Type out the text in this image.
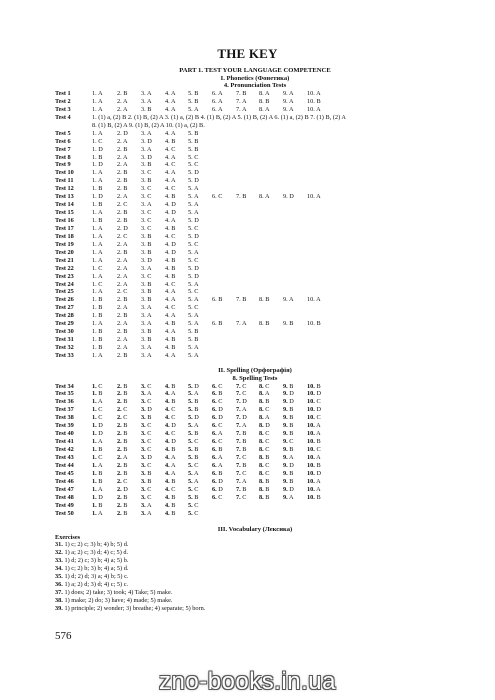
THE KEY
PART 1. TEST YOUR LANGUAGE COMPETENCE
I. Phonetics (Фонетика)
4. Pronunciation Tests
Test 1	1. A 2. B 3. A 4. A 5. B 6. A 7. B 8. A 9. A 10. A
Test 2	1. A 2. A 3. A 4. A 5. B 6. A 7. A 8. B 9. A 10. B
Test 3	1. A 2. A 3. B 4. A 5. A 6. A 7. A 8. A 9. A 10. A
Test 4	1. (1) a, (2) B 2. (1) B, (2) A 3. (1) a, (2) B 4. (1) B, (2) A 5. (1) B, (2) A 6. (1) a, (2) B 7. (1) B, (2) A
8. (1) B, (2) A 9. (1) B, (2) A 10. (1) a, (2) B.
Test 5	1. A 2. D 3. A 4. A 5. B
Test 6	1. C 2. A 3. D 4. B 5. B
Test 7	1. D 2. B 3. A 4. C 5. B
Test 8	1. B 2. A 3. D 4. A 5. C
Test 9	1. D 2. A 3. B 4. C 5. C
Test 10	1. A 2. B 3. C 4. A 5. D
Test 11	1. A 2. B 3. B 4. A 5. D
Test 12	1. B 2. B 3. C 4. C 5. A
Test 13	1. D 2. A 3. C 4. B 5. A 6. C 7. B 8. A 9. D 10. A
Test 14	1. B 2. C 3. A 4. D 5. A
Test 15	1. A 2. B 3. C 4. D 5. A
Test 16	1. B 2. B 3. C 4. A 5. D
Test 17	1. A 2. D 3. C 4. B 5. C
Test 18	1. A 2. C 3. B 4. C 5. D
Test 19	1. A 2. A 3. B 4. D 5. C
Test 20	1. A 2. B 3. B 4. D 5. A
Test 21	1. A 2. A 3. D 4. B 5. C
Test 22	1. C 2. A 3. A 4. B 5. D
Test 23	1. A 2. A 3. C 4. B 5. D
Test 24	1. C 2. A 3. B 4. C 5. A
Test 25	1. A 2. C 3. B 4. A 5. C
Test 26	1. B 2. B 3. B 4. A 5. A 6. B 7. B 8. B 9. A 10. A
Test 27	1. B 2. A 3. A 4. C 5. C
Test 28	1. B 2. B 3. A 4. A 5. A
Test 29	1. A 2. A 3. A 4. B 5. A 6. B 7. A 8. B 9. B 10. B
Test 30	1. B 2. B 3. B 4. A 5. B
Test 31	1. B 2. A 3. B 4. B 5. B
Test 32	1. B 2. A 3. A 4. B 5. A
Test 33	1. A 2. B 3. A 4. A 5. A
II. Spelling (Орфографія)
8. Spelling Tests
Test 34	1. C 2. B 3. C 4. B 5. D 6. C 7. C 8. C 9. B 10. B
Test 35	1. B 2. B 3. A 4. A 5. A 6. B 7. C 8. A 9. D 10. D
Test 36	1. A 2. B 3. C 4. B 5. B 6. C 7. D 8. B 9. D 10. C
Test 37	1. C 2. C 3. D 4. C 5. B 6. D 7. A 8. C 9. B 10. D
Test 38	1. C 2. C 3. B 4. C 5. D 6. D 7. D 8. A 9. B 10. C
Test 39	1. D 2. B 3. C 4. D 5. A 6. C 7. A 8. D 9. B 10. A
Test 40	1. D 2. B 3. C 4. C 5. B 6. A 7. B 8. C 9. B 10. A
Test 41	1. A 2. B 3. C 4. D 5. C 6. C 7. B 8. C 9. C 10. B
Test 42	1. B 2. B 3. C 4. B 5. B 6. B 7. B 8. C 9. B 10. C
Test 43	1. C 2. A 3. D 4. A 5. B 6. A 7. C 8. B 9. A 10. A
Test 44	1. A 2. B 3. C 4. A 5. C 6. A 7. B 8. C 9. D 10. B
Test 45	1. B 2. B 3. B 4. A 5. A 6. B 7. C 8. C 9. B 10. D
Test 46	1. B 2. C 3. B 4. B 5. A 6. D 7. A 8. B 9. B 10. A
Test 47	1. A 2. D 3. C 4. C 5. C 6. D 7. B 8. B 9. D 10. A
Test 48	1. D 2. B 3. C 4. B 5. B 6. C 7. C 8. B 9. A 10. B
Test 49	1. B 2. B 3. A 4. B 5. C
Test 50	1. A 2. B 3. A 4. B 5. C
III. Vocabulary (Лексика)
Exercises
31. 1) c; 2) c; 3) b; 4) b; 5) d.
32. 1) a; 2) c; 3) d; 4) c; 5) d.
33. 1) d; 2) c; 3) b; 4) a; 5) b.
34. 1) c; 2) b; 3) b; 4) a; 5) d.
35. 1) d; 2) d; 3) a; 4) b; 5) c.
36. 1) a; 2) d; 3) d; 4) c; 5) c.
37. 1) does; 2) take; 3) took; 4) Take; 5) make.
38. 1) make; 2) do; 3) have; 4) made; 5) make.
39. 1) principle; 2) wonder; 3) breathe; 4) separate; 5) born.
576
zno-books.in.ua
